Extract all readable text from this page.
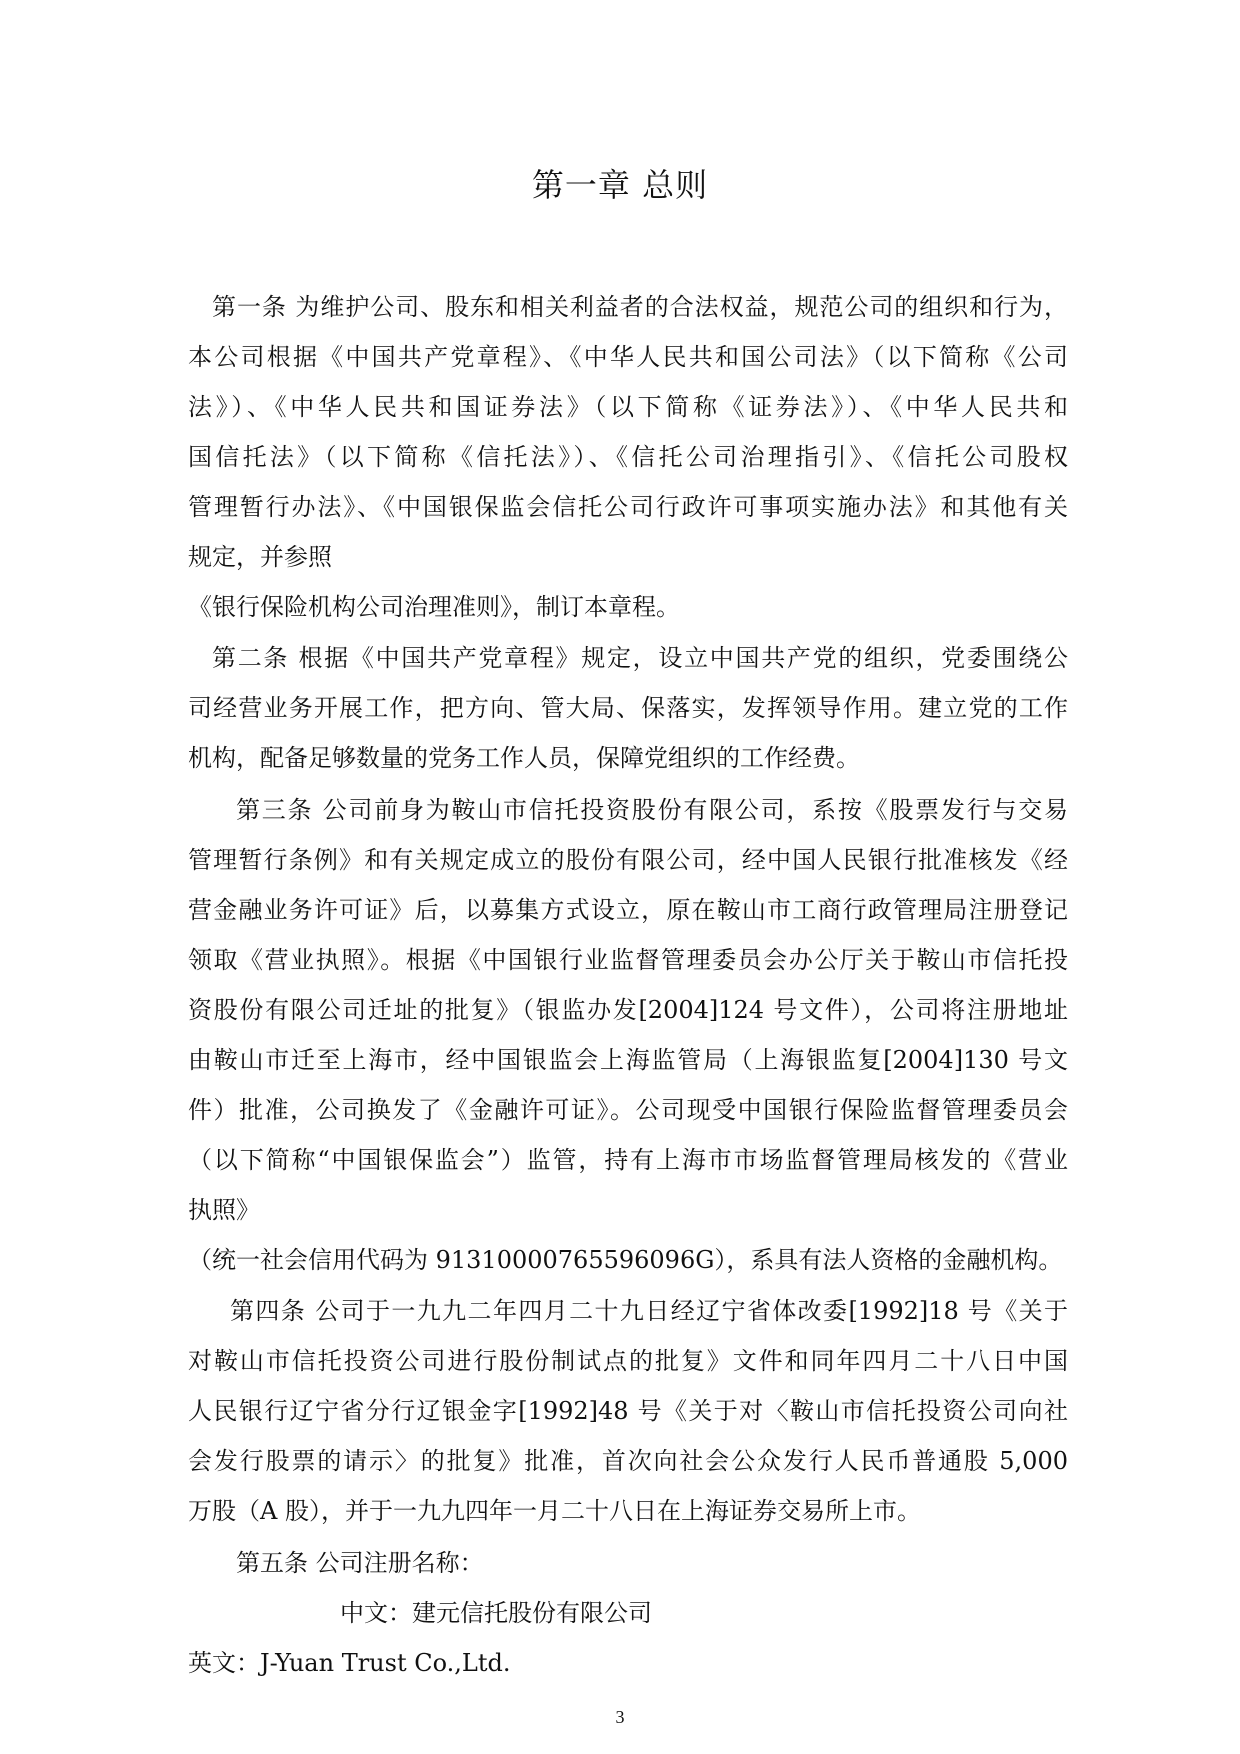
第一章 总则

第一条 为维护公司、股东和相关利益者的合法权益，规范公司的组织和行为，

本公司根据《中国共产党章程》、《中华人民共和国公司法》（以下简称《公司

法》）、《中华人民共和国证券法》（以下简称《证券法》）、《中华人民共和

国信托法》（以下简称《信托法》）、《信托公司治理指引》、《信托公司股权

管理暂行办法》、《中国银保监会信托公司行政许可事项实施办法》和其他有关

规定，并参照

《银行保险机构公司治理准则》，制订本章程。

第二条 根据《中国共产党章程》规定，设立中国共产党的组织，党委围绕公

司经营业务开展工作，把方向、管大局、保落实，发挥领导作用。建立党的工作

机构，配备足够数量的党务工作人员，保障党组织的工作经费。

第三条 公司前身为鞍山市信托投资股份有限公司，系按《股票发行与交易

管理暂行条例》和有关规定成立的股份有限公司，经中国人民银行批准核发《经

营金融业务许可证》后，以募集方式设立，原在鞍山市工商行政管理局注册登记

领取《营业执照》。根据《中国银行业监督管理委员会办公厅关于鞍山市信托投

资股份有限公司迁址的批复》（银监办发[2004]124 号文件），公司将注册地址

由鞍山市迁至上海市，经中国银监会上海监管局（上海银监复[2004]130 号文

件）批准，公司换发了《金融许可证》。公司现受中国银行保险监督管理委员会

（以下简称“中国银保监会”）监管，持有上海市市场监督管理局核发的《营业

执照》

（统一社会信用代码为 91310000765596096G），系具有法人资格的金融机构。

第四条 公司于一九九二年四月二十九日经辽宁省体改委[1992]18 号《关于

对鞍山市信托投资公司进行股份制试点的批复》文件和同年四月二十八日中国

人民银行辽宁省分行辽银金字[1992]48 号《关于对〈鞍山市信托投资公司向社

会发行股票的请示〉的批复》批准，首次向社会公众发行人民币普通股 5,000

万股（A 股），并于一九九四年一月二十八日在上海证券交易所上市。

第五条 公司注册名称：

中文：建元信托股份有限公司

英文：J-Yuan Trust Co.,Ltd.

3
